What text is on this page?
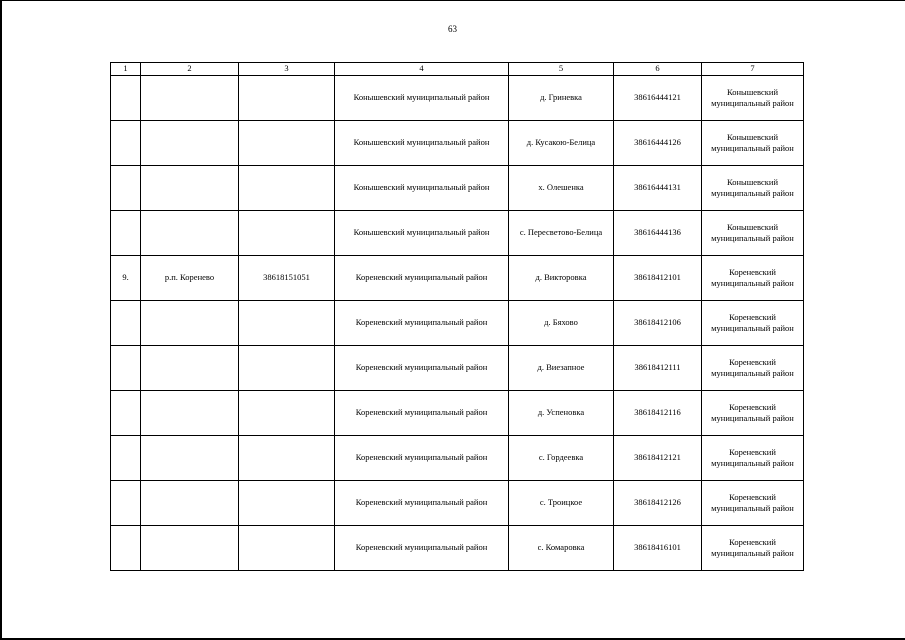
63
1	2	3	4	5	6	7
			Конышевский муниципальный район	д. Гриневка	38616444121	Конышевский муниципальный район
			Конышевский муниципальный район	д. Кусакою-Белица	38616444126	Конышевский муниципальный район
			Конышевский муниципальный район	х. Олешенка	38616444131	Конышевский муниципальный район
			Конышевский муниципальный район	с. Пересветово-Белица	38616444136	Конышевский муниципальный район
9.	р.п. Коренево	38618151051	Кореневский муниципальный район	д. Викторовка	38618412101	Кореневский муниципальный район
			Кореневский муниципальный район	д. Бяхово	38618412106	Кореневский муниципальный район
			Кореневский муниципальный район	д. Виезапное	38618412111	Кореневский муниципальный район
			Кореневский муниципальный район	д. Успеновка	38618412116	Кореневский муниципальный район
			Кореневский муниципальный район	с. Гордеевка	38618412121	Кореневский муниципальный район
			Кореневский муниципальный район	с. Троицкое	38618412126	Кореневский муниципальный район
			Кореневский муниципальный район	с. Комаровка	38618416101	Кореневский муниципальный район
